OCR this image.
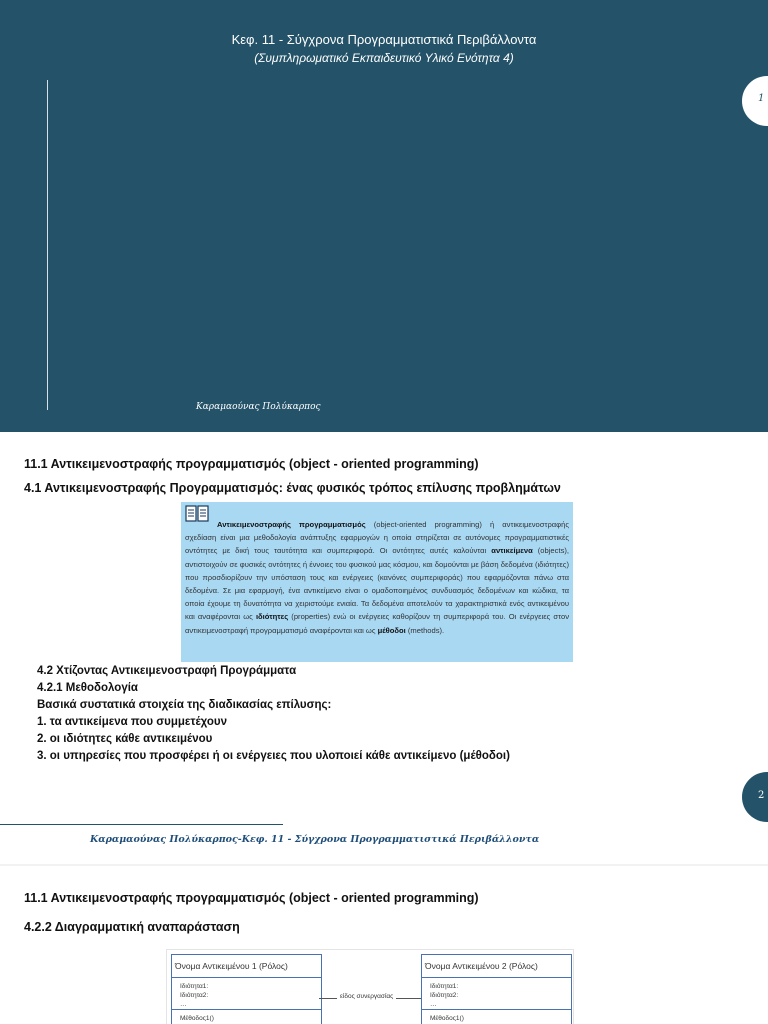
Κεφ. 11 - Σύγχρονα Προγραμματιστικά Περιβάλλοντα
(Συμπληρωματικό Εκπαιδευτικό Υλικό Ενότητα 4)
Καραμαούνας Πολύκαρπος
1
11.1 Αντικειμενοστραφής προγραμματισμός (object - oriented programming)
4.1 Αντικειμενοστραφής Προγραμματισμός: ένας φυσικός τρόπος επίλυσης προβλημάτων
Αντικειμενοστραφής προγραμματισμός (object-oriented programming) ή αντικειμενοστραφής σχεδίαση είναι μια μεθοδολογία ανάπτυξης εφαρμογών η οποία στηρίζεται σε αυτόνομες προγραμματιστικές οντότητες με δική τους ταυτότητα και συμπεριφορά. Οι οντότητες αυτές καλούνται αντικείμενα (objects), αντιστοιχούν σε φυσικές οντότητες ή έννοιες του φυσικού μας κόσμου, και δομούνται με βάση δεδομένα (ιδιότητες) που προσδιορίζουν την υπόσταση τους και ενέργειες (κανόνες συμπεριφοράς) που εφαρμόζονται πάνω στα δεδομένα. Σε μια εφαρμογή, ένα αντικείμενο είναι ο ομαδοποιημένος συνδυασμός δεδομένων και κώδικα, τα οποία έχουμε τη δυνατότητα να χειριστούμε ενιαία. Τα δεδομένα αποτελούν τα χαρακτηριστικά ενός αντικειμένου και αναφέρονται ως ιδιότητες (properties) ενώ οι ενέργειες καθορίζουν τη συμπεριφορά του. Οι ενέργειες στον αντικειμενοστραφή προγραμματισμό αναφέρονται και ως μέθοδοι (methods).
4.2 Χτίζοντας Αντικειμενοστραφή Προγράμματα
4.2.1 Μεθοδολογία
Βασικά συστατικά στοιχεία της διαδικασίας επίλυσης:
1. τα αντικείμενα που συμμετέχουν
2. οι ιδιότητες κάθε αντικειμένου
3. οι υπηρεσίες που προσφέρει ή οι ενέργειες που υλοποιεί κάθε αντικείμενο (μέθοδοι)
2
Καραμαούνας Πολύκαρπος-Κεφ. 11 - Σύγχρονα Προγραμματιστικά Περιβάλλοντα
11.1 Αντικειμενοστραφής προγραμματισμός (object - oriented programming)
4.2.2 Διαγραμματική αναπαράσταση
Όνομα Αντικειμένου 1 (Ρόλος)
Ιδιότητα1:
Ιδιότητα2:
…
Μέθοδος1()
είδος συνεργασίας
Όνομα Αντικειμένου 2 (Ρόλος)
Ιδιότητα1:
Ιδιότητα2:
…
Μέθοδος1()
